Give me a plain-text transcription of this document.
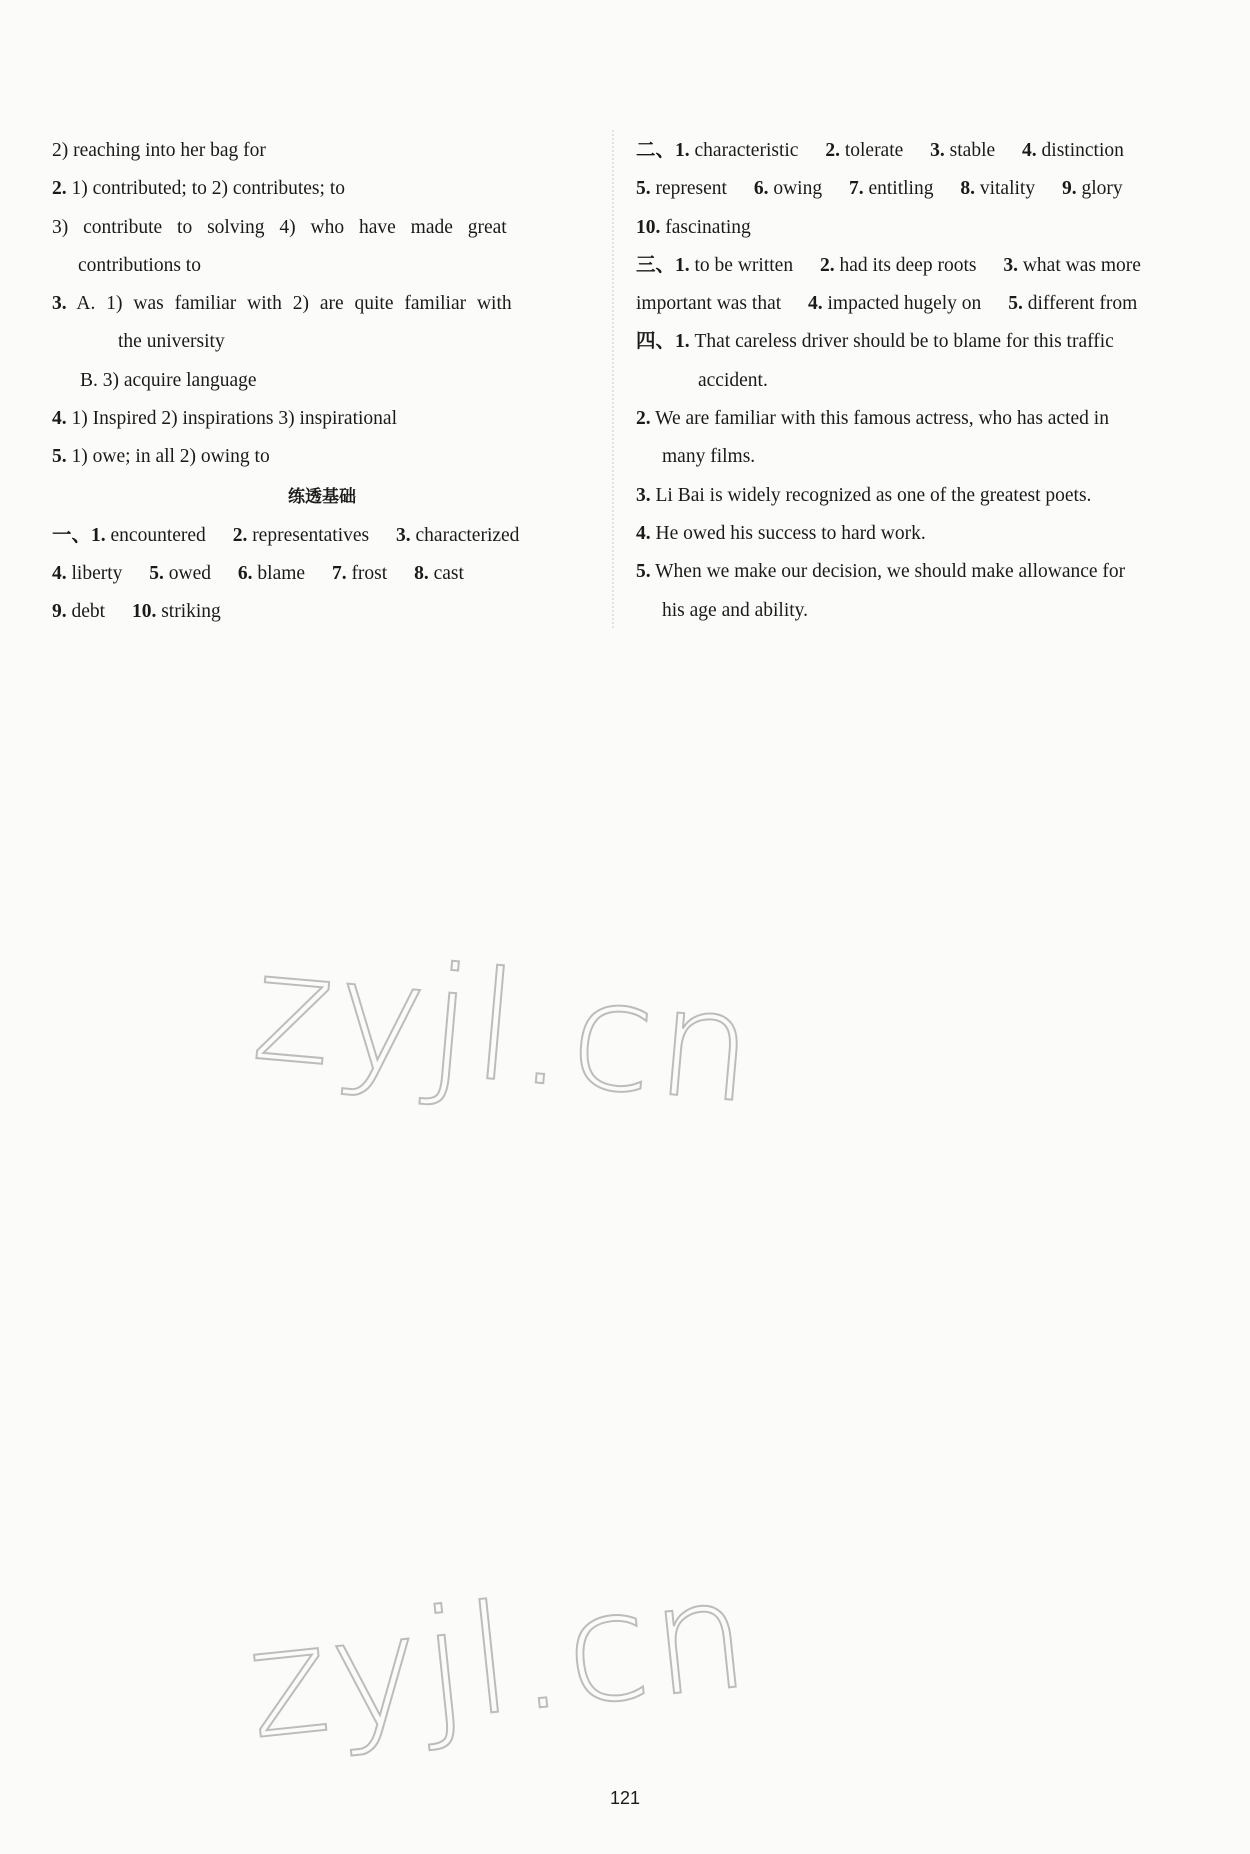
2) reaching into her bag for
2. 1) contributed; to 2) contributes; to
3) contribute to solving 4) who have made great
contributions to
3. A. 1) was familiar with 2) are quite familiar with
the university
B. 3) acquire language
4. 1) Inspired 2) inspirations 3) inspirational
5. 1) owe; in all 2) owing to
练透基础
一、1. encountered 2. representatives 3. characterized
4. liberty 5. owed 6. blame 7. frost 8. cast
9. debt 10. striking
二、1. characteristic 2. tolerate 3. stable 4. distinction
5. represent 6. owing 7. entitling 8. vitality 9. glory
10. fascinating
三、1. to be written 2. had its deep roots 3. what was more
important was that 4. impacted hugely on 5. different from
四、1. That careless driver should be to blame for this traffic
accident.
2. We are familiar with this famous actress, who has acted in
many films.
3. Li Bai is widely recognized as one of the greatest poets.
4. He owed his success to hard work.
5. When we make our decision, we should make allowance for
his age and ability.
zyjl.cn
zyjl.cn
121
